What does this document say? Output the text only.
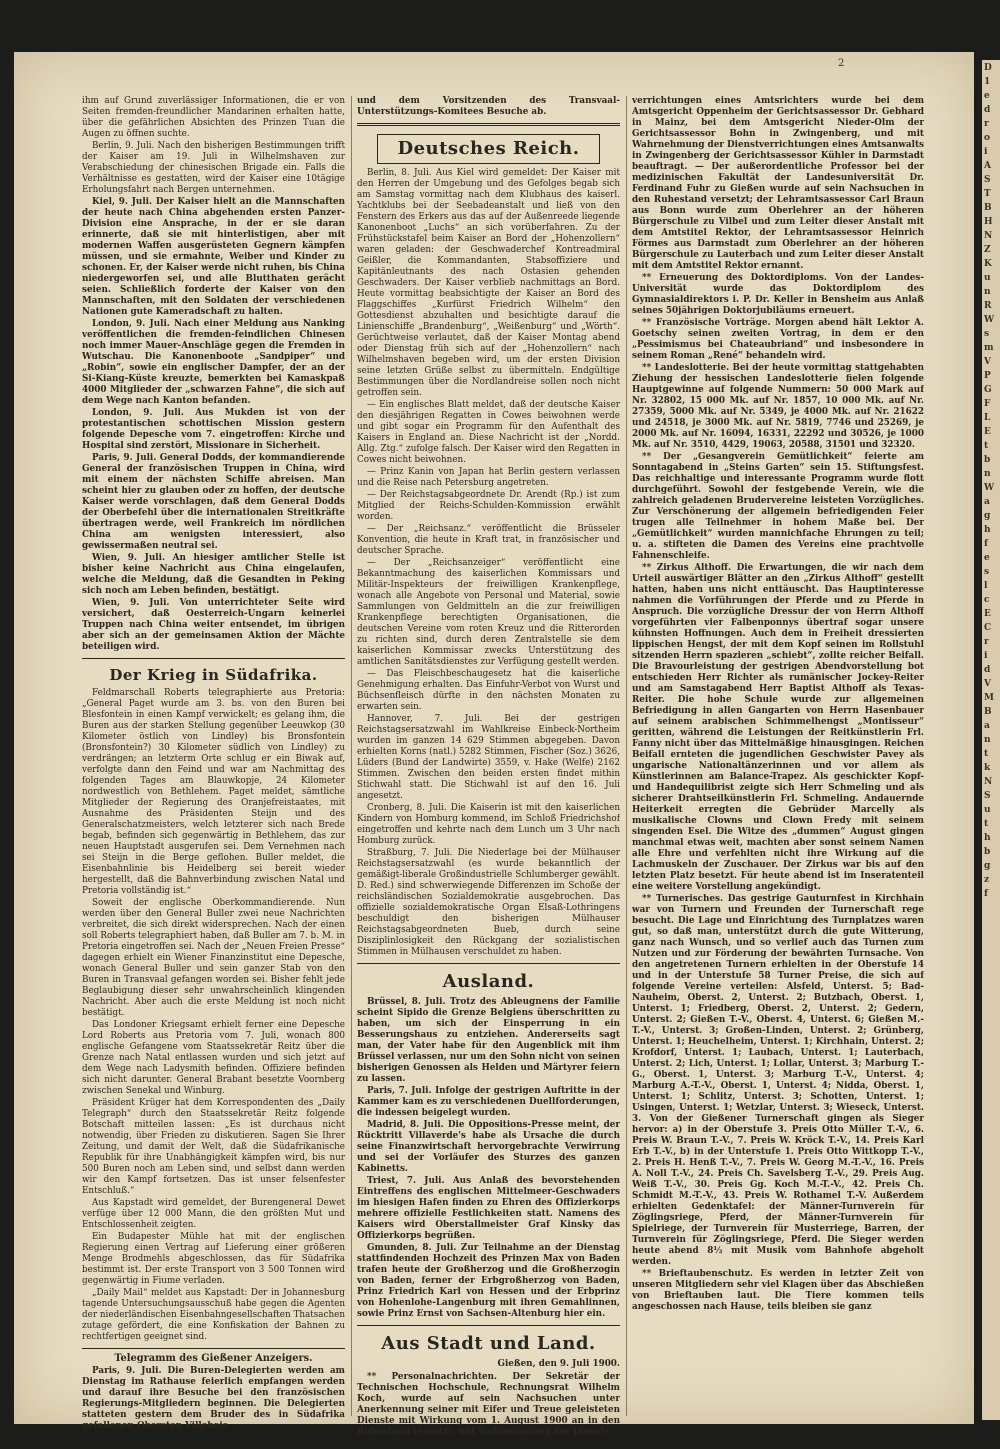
2	D
1
e
d
r
o
i
A
S
T
B
H
N
Z
K
u
n
R
W
s
m
V
P
G
F
L
E
t
b
n
W
a
g
h
f
e
s
l
c
E
C
r
i
d
V
M
B
a
n
t
k
N
S
u
t
h
b
g
z
f

ihm auf Grund zuverlässiger Informationen, die er von Seiten fremden-freundlicher Mandarinen erhalten hatte, über die gefährlichen Absichten des Prinzen Tuan die Augen zu öffnen suchte.

Berlin, 9. Juli. Nach den bisherigen Bestimmungen trifft der Kaiser am 19. Juli in Wilhelmshaven zur Verabschiedung der chinesischen Brigade ein. Falls die Verhältnisse es gestatten, wird der Kaiser eine 10tägige Erholungsfahrt nach Bergen unternehmen.

Kiel, 9. Juli. Der Kaiser hielt an die Mannschaften der heute nach China abgehenden ersten Panzer-Division eine Ansprache, in der er sie daran erinnerte, daß sie mit hinterlistigen, aber mit modernen Waffen ausgerüsteten Gegnern kämpfen müssen, und sie ermahnte, Weiber und Kinder zu schonen. Er, der Kaiser werde nicht ruhen, bis China niedergeworfen sei, und alle Blutthaten gerächt seien. Schließlich forderte der Kaiser von den Mannschaften, mit den Soldaten der verschiedenen Nationen gute Kameradschaft zu halten.

London, 9. Juli. Nach einer Meldung aus Nanking veröffentlichen die fremden-feindlichen Chinesen noch immer Mauer-Anschläge gegen die Fremden in Wutschau. Die Kanonenboote „Sandpiper“ und „Robin“, sowie ein englischer Dampfer, der an der Si-Kiang-Küste kreuzte, bemerkten bei Kamaskpaß 4000 Mitglieder der „schwarzen Fahne“, die sich auf dem Wege nach Kanton befanden.

London, 9. Juli. Aus Mukden ist von der protestantischen schottischen Mission gestern folgende Depesche vom 7. eingetroffen: Kirche und Hospital sind zerstört, Missionare in Sicherheit.

Paris, 9. Juli. General Dodds, der kommandierende General der französischen Truppen in China, wird mit einem der nächsten Schiffe abreisen. Man scheint hier zu glauben oder zu hoffen, der deutsche Kaiser werde vorschlagen, daß dem General Dodds der Oberbefehl über die internationalen Streitkräfte übertragen werde, weil Frankreich im nördlichen China am wenigsten interessiert, also gewissermaßen neutral sei.

Wien, 9. Juli. An hiesiger amtlicher Stelle ist bisher keine Nachricht aus China eingelaufen, welche die Meldung, daß die Gesandten in Peking sich noch am Leben befinden, bestätigt.

Wien, 9. Juli. Von unterrichteter Seite wird versichert, daß Oesterreich-Ungarn keinerlei Truppen nach China weiter entsendet, im übrigen aber sich an der gemeinsamen Aktion der Mächte beteiligen wird.

Der Krieg in Südafrika.

Feldmarschall Roberts telegraphierte aus Pretoria: „General Paget wurde am 3. bs. von den Buren bei Blesfontein in einen Kampf verwickelt; es gelang ihm, die Buren aus der starken Stellung gegenüber Leeuwkop (30 Kilometer östlich von Lindley) bis Bronsfontein (Bronsfontein?) 30 Kilometer südlich von Lindley) zu verdrängen; an letzterm Orte schlug er ein Biwak auf, verfolgte dann den Feind und war am Nachmittag des folgenden Tages am Blauwkopje, 24 Kilometer nordwestlich von Bethlehem. Paget meldet, sämtliche Mitglieder der Regierung des Oranjefreistaates, mit Ausnahme des Präsidenten Steijn und des Generalschatzmeisters, welch letzterer sich nach Brede begab, befinden sich gegenwärtig in Bethlehem, das zur neuen Hauptstadt ausgerufen sei. Dem Vernehmen nach sei Steijn in die Berge geflohen. Buller meldet, die Eisenbahnlinie bis Heidelberg sei bereit wieder hergestellt, daß die Bahnverbindung zwischen Natal und Pretoria vollständig ist.“

Soweit der englische Oberkommandierende. Nun werden über den General Buller zwei neue Nachrichten verbreitet, die sich direkt widersprechen. Nach der einen soll Roberts telegraphiert haben, daß Buller am 7. b. M. in Pretoria eingetroffen sei. Nach der „Neuen Freien Presse“ dagegen erhielt ein Wiener Finanzinstitut eine Depesche, wonach General Buller und sein ganzer Stab von den Buren in Transvaal gefangen worden sei. Bisher fehlt jede Beglaubigung dieser sehr unwahrscheinlich klingenden Nachricht. Aber auch die erste Meldung ist noch nicht bestätigt.

Das Londoner Kriegsamt erhielt ferner eine Depesche Lord Roberts aus Pretoria vom 7. Juli, wonach 800 englische Gefangene vom Staatssekretär Reitz über die Grenze nach Natal entlassen wurden und sich jetzt auf dem Wege nach Ladysmith befinden. Offiziere befinden sich nicht darunter. General Brabant besetzte Voornberg zwischen Senekal und Winburg.

Präsident Krüger hat dem Korrespondenten des „Daily Telegraph“ durch den Staatssekretär Reitz folgende Botschaft mitteilen lassen: „Es ist durchaus nicht notwendig, über Frieden zu diskutieren. Sagen Sie Ihrer Zeitung, und damit der Welt, daß die Südafrikanische Republik für ihre Unabhängigkeit kämpfen wird, bis nur 500 Buren noch am Leben sind, und selbst dann werden wir den Kampf fortsetzen. Das ist unser felsenfester Entschluß.“

Aus Kapstadt wird gemeldet, der Burengeneral Dewet verfüge über 12 000 Mann, die den größten Mut und Entschlossenheit zeigten.

Ein Budapester Mühle hat mit der englischen Regierung einen Vertrag auf Lieferung einer größeren Menge Brodmehls abgeschlossen, das für Südafrika bestimmt ist. Der erste Transport von 3 500 Tonnen wird gegenwärtig in Fiume verladen.

„Daily Mail“ meldet aus Kapstadt: Der in Johannesburg tagende Untersuchungsausschuß habe gegen die Agenten der niederländischen Eisenbahngesellschaften Thatsachen zutage gefördert, die eine Konfiskation der Bahnen zu rechtfertigen geeignet sind.

Telegramm des Gießener Anzeigers.

Paris, 9. Juli. Die Buren-Delegierten werden am Dienstag im Rathause feierlich empfangen werden und darauf ihre Besuche bei den französischen Regierungs-Mitgliedern beginnen. Die Delegierten statteten gestern dem Bruder des in Südafrika gefallenen Obersten Villebois

und dem Vorsitzenden des Transvaal-Unterstützungs-Komitees Besuche ab.

Deutsches Reich.

Berlin, 8. Juli. Aus Kiel wird gemeldet: Der Kaiser mit den Herren der Umgebung und des Gefolges begab sich am Samstag vormittag nach dem Klubhaus des kaiserl. Yachtklubs bei der Seebadeanstalt und ließ von den Fenstern des Erkers aus das auf der Außenreede liegende Kanonenboot „Luchs“ an sich vorüberfahren. Zu der Frühstückstafel beim Kaiser an Bord der „Hohenzollern“ waren geladen: der Geschwaderchef Kontreadmiral Geißler, die Kommandanten, Stabsoffiziere und Kapitänleutnants des nach Ostasien gehenden Geschwaders. Der Kaiser verblieb nachmittags an Bord. Heute vormittag beabsichtigte der Kaiser an Bord des Flaggschiffes „Kurfürst Friedrich Wilhelm“ den Gottesdienst abzuhalten und besichtigte darauf die Linienschiffe „Brandenburg“, „Weißenburg“ und „Wörth“. Gerüchtweise verlautet, daß der Kaiser Montag abend oder Dienstag früh sich auf der „Hohenzollern“ nach Wilhelmshaven begeben wird, um der ersten Division seine letzten Grüße selbst zu übermitteln. Endgültige Bestimmungen über die Nordlandreise sollen noch nicht getroffen sein.

— Ein englisches Blatt meldet, daß der deutsche Kaiser den diesjährigen Regatten in Cowes beiwohnen werde und gibt sogar ein Programm für den Aufenthalt des Kaisers in England an. Diese Nachricht ist der „Nordd. Allg. Ztg.“ zufolge falsch. Der Kaiser wird den Regatten in Cowes nicht beiwohnen.

— Prinz Kanin von Japan hat Berlin gestern verlassen und die Reise nach Petersburg angetreten.

— Der Reichstagsabgeordnete Dr. Arendt (Rp.) ist zum Mitglied der Reichs-Schulden-Kommission erwählt worden.

— Der „Reichsanz.“ veröffentlicht die Brüsseler Konvention, die heute in Kraft trat, in französischer und deutscher Sprache.

— Der „Reichsanzeiger“ veröffentlicht eine Bekanntmachung des kaiserlichen Kommissars und Militär-Inspekteurs der freiwilligen Krankenpflege, wonach alle Angebote von Personal und Material, sowie Sammlungen von Geldmitteln an die zur freiwilligen Krankenpflege berechtigten Organisationen, die deutschen Vereine vom roten Kreuz und die Ritterorden zu richten sind, durch deren Zentralstelle sie dem kaiserlichen Kommissar zwecks Unterstützung des amtlichen Sanitätsdienstes zur Verfügung gestellt werden.

— Das Fleischbeschaugesetz hat die kaiserliche Genehmigung erhalten. Das Einfuhr-Verbot von Wurst und Büchsenfleisch dürfte in den nächsten Monaten zu erwarten sein.

Hannover, 7. Juli. Bei der gestrigen Reichstagsersatzwahl im Wahlkreise Einbeck-Northeim wurden im ganzen 14 629 Stimmen abgegeben. Davon erhielten Korns (natl.) 5282 Stimmen, Fischer (Soz.) 3626, Lüders (Bund der Landwirte) 3559, v. Hake (Welfe) 2162 Stimmen. Zwischen den beiden ersten findet mithin Stichwahl statt. Die Stichwahl ist auf den 16. Juli angesetzt.

Cronberg, 8. Juli. Die Kaiserin ist mit den kaiserlichen Kindern von Homburg kommend, im Schloß Friedrichshof eingetroffen und kehrte nach dem Lunch um 3 Uhr nach Homburg zurück.

Straßburg, 7. Juli. Die Niederlage bei der Mülhauser Reichstagsersatzwahl (es wurde bekanntlich der gemäßigt-liberale Großindustrielle Schlumberger gewählt. D. Red.) sind schwerwiegende Differenzen im Schoße der reichsländischen Sozialdemokratie ausgebrochen. Das offizielle sozialdemokratische Organ Elsaß-Lothringens beschuldigt den bisherigen Mülhauser Reichstagsabgeordneten Bueb, durch seine Disziplinlosigkeit den Rückgang der sozialistischen Stimmen in Mülhausen verschuldet zu haben.

Ausland.

Brüssel, 8. Juli. Trotz des Ableugnens der Familie scheint Sipido die Grenze Belgiens überschritten zu haben, um sich der Einsperrung in ein Besserungshaus zu entziehen. Andererseits sagt man, der Vater habe für den Augenblick mit ihm Brüssel verlassen, nur um den Sohn nicht von seinen bisherigen Genossen als Helden und Märtyrer feiern zu lassen.

Paris, 7. Juli. Infolge der gestrigen Auftritte in der Kammer kam es zu verschiedenen Duellforderungen, die indessen beigelegt wurden.

Madrid, 8. Juli. Die Oppositions-Presse meint, der Rücktritt Villaverde's habe als Ursache die durch seine Finanzwirtschaft hervorgebrachte Verwirrung und sei der Vorläufer des Sturzes des ganzen Kabinetts.

Triest, 7. Juli. Aus Anlaß des bevorstehenden Eintreffens des englischen Mittelmeer-Geschwaders im hiesigen Hafen finden zu Ehren des Offizierkorps mehrere offizielle Festlichkeiten statt. Namens des Kaisers wird Oberstallmeister Graf Kinsky das Offizierkorps begrüßen.

Gmunden, 8. Juli. Zur Teilnahme an der Dienstag stattfindenden Hochzeit des Prinzen Max von Baden trafen heute der Großherzog und die Großherzogin von Baden, ferner der Erbgroßherzog von Baden, Prinz Friedrich Karl von Hessen und der Erbprinz von Hohenlohe-Langenburg mit ihren Gemahlinnen, sowie Prinz Ernst von Sachsen-Altenburg hier ein.

Aus Stadt und Land.
Gießen, den 9. Juli 1900.

** Personalnachrichten. Der Sekretär der Technischen Hochschule, Rechnungsrat Wilhelm Koch, wurde auf sein Nachsuchen unter Anerkennung seiner mit Eifer und Treue geleisteten Dienste mit Wirkung vom 1. August 1900 an in den Ruhestand versetzt; mit Wahrnehmung der Dienst-

verrichtungen eines Amtsrichters wurde bei dem Amtsgericht Oppenheim der Gerichtsassessor Dr. Gebhard in Mainz, bei dem Amtsgericht Nieder-Olm der Gerichtsassessor Bohn in Zwingenberg, und mit Wahrnehmung der Dienstverrichtungen eines Amtsanwalts in Zwingenberg der Gerichtsassessor Kühler in Darmstadt beauftragt. — Der außerordentliche Professor bei der medizinischen Fakultät der Landesuniversität Dr. Ferdinand Fuhr zu Gießen wurde auf sein Nachsuchen in den Ruhestand versetzt; der Lehramtsassessor Carl Braun aus Bonn wurde zum Oberlehrer an der höheren Bürgerschule zu Vilbel und zum Leiter dieser Anstalt mit dem Amtstitel Rektor, der Lehramtsassessor Heinrich Förmes aus Darmstadt zum Oberlehrer an der höheren Bürgerschule zu Lauterbach und zum Leiter dieser Anstalt mit dem Amtstitel Rektor ernannt.

** Erneuerung des Doktordiploms. Von der Landes-Universität wurde das Doktordiplom des Gymnasialdirektors i. P. Dr. Keller in Bensheim aus Anlaß seines 50jährigen Doktorjubiläums erneuert.

** Französische Vorträge. Morgen abend hält Lektor A. Goetschy seinen zweiten Vortrag, in dem er den „Pessimismus bei Chateaubriand“ und insbesondere in seinem Roman „René“ behandeln wird.

** Landeslotterie. Bei der heute vormittag stattgehabten Ziehung der hessischen Landeslotterie fielen folgende Hauptgewinne auf folgende Nummern: 50 000 Mark auf Nr. 32802, 15 000 Mk. auf Nr. 1857, 10 000 Mk. auf Nr. 27359, 5000 Mk. auf Nr. 5349, je 4000 Mk. auf Nr. 21622 und 24518, je 3000 Mk. auf Nr. 5819, 7746 und 25269, je 2000 Mk. auf Nr. 16094, 16331, 22292 und 30526, je 1000 Mk. auf Nr. 3510, 4429, 19063, 20588, 31501 und 32320.

** Der „Gesangverein Gemütlichkeit“ feierte am Sonntagabend in „Steins Garten“ sein 15. Stiftungsfest. Das reichhaltige und interessante Programm wurde flott durchgeführt. Sowohl der festgebende Verein, wie die zahlreich geladenen Brudervereine leisteten Vorzügliches. Zur Verschönerung der allgemein befriedigenden Feier trugen alle Teilnehmer in hohem Maße bei. Der „Gemütlichkeit“ wurden mannichfache Ehrungen zu teil; u. a. stifteten die Damen des Vereins eine prachtvolle Fahnenschleife.

** Zirkus Althoff. Die Erwartungen, die wir nach dem Urteil auswärtiger Blätter an den „Zirkus Althoff“ gestellt hatten, haben uns nicht enttäuscht. Das Hauptinteresse nahmen die Vorführungen der Pferde und zu Pferde in Anspruch. Die vorzügliche Dressur der von Herrn Althoff vorgeführten vier Falbenponnys übertraf sogar unsere kühnsten Hoffnungen. Auch dem in Freiheit dressierten lippischen Hengst, der mit dem Kopf seinen im Rollstuhl sitzenden Herrn spazieren „schiebt“, zollte reicher Beifall. Die Bravourleistung der gestrigen Abendvorstellung bot entschieden Herr Richter als rumänischer Jockey-Reiter und am Samstagabend Herr Baptist Althoff als Texas-Reiter. Die hohe Schule wurde zur allgemeinen Befriedigung in allen Gangarten von Herrn Hasenbauer auf seinem arabischen Schimmelhengst „Montisseur“ geritten, während die Leistungen der Reitkünstlerin Frl. Fanny nicht über das Mittelmäßige hinausgingen. Reichen Beifall ernteten die jugendlichen Geschwister Pavey als ungarische Nationaltänzerinnen und vor allem als Künstlerinnen am Balance-Trapez. Als geschickter Kopf- und Handequilibrist zeigte sich Herr Schmeling und als sicherer Drahtseilkünstlerin Frl. Schmeling. Andauernde Heiterkeit erregten die Gebrüder Marcelly als musikalische Clowns und Clown Fredy mit seinem singenden Esel. Die Witze des „dummen“ August gingen manchmal etwas weit, machten aber sonst seinem Namen alle Ehre und verfehlten nicht ihre Wirkung auf die Lachmuskeln der Zuschauer. Der Zirkus war bis auf den letzten Platz besetzt. Für heute abend ist im Inseratenteil eine weitere Vorstellung angekündigt.

** Turnerisches. Das gestrige Gauturnfest in Kirchhain war von Turnern und Freunden der Turnerschaft rege besucht. Die Lage und Einrichtung des Turnplatzes waren gut, so daß man, unterstützt durch die gute Witterung, ganz nach Wunsch, und so verlief auch das Turnen zum Nutzen und zur Förderung der bewährten Turnsache. Von den angetretenen Turnern erhielten in der Oberstufe 14 und in der Unterstufe 58 Turner Preise, die sich auf folgende Vereine verteilen: Alsfeld, Unterst. 5; Bad-Nauheim, Oberst. 2, Unterst. 2; Butzbach, Oberst. 1, Unterst. 1; Friedberg, Oberst. 2, Unterst. 2; Gedern, Unterst. 2; Gießen T.-V., Oberst. 4, Unterst. 6; Gießen M.-T.-V., Unterst. 3; Großen-Linden, Unterst. 2; Grünberg, Unterst. 1; Heuchelheim, Unterst. 1; Kirchhain, Unterst. 2; Krofdorf, Unterst. 1; Laubach, Unterst. 1; Lauterbach, Unterst. 2; Lich, Unterst. 1; Lollar, Unterst. 3; Marburg T.-G., Oberst. 1, Unterst. 3; Marburg T.-V., Unterst. 4; Marburg A.-T.-V., Oberst. 1, Unterst. 4; Nidda, Oberst. 1, Unterst. 1; Schlitz, Unterst. 3; Schotten, Unterst. 1; Usingen, Unterst. 1; Wetzlar, Unterst. 3; Wieseck, Unterst. 3. Von der Gießener Turnerschaft gingen als Sieger hervor: a) in der Oberstufe 3. Preis Otto Müller T.-V., 6. Preis W. Braun T.-V., 7. Preis W. Kröck T.-V., 14. Preis Karl Erb T.-V., b) in der Unterstufe 1. Preis Otto Wittkopp T.-V., 2. Preis H. Henß T.-V., 7. Preis W. Georg M.-T.-V., 16. Preis A. Noll T.-V., 24. Preis Ch. Savelsberg T.-V., 29. Preis Aug. Weiß T.-V., 30. Preis Gg. Koch M.-T.-V., 42. Preis Ch. Schmidt M.-T.-V., 43. Preis W. Rothamel T.-V. Außerdem erhielten Gedenktafel: der Männer-Turnverein für Zöglingsriege, Pferd, der Männer-Turnverein für Spielriege, der Turnverein für Musterriege, Barren, der Turnverein für Zöglingsriege, Pferd. Die Sieger werden heute abend 8½ mit Musik vom Bahnhofe abgeholt werden.

** Brieftaubenschutz. Es werden in letzter Zeit von unseren Mitgliedern sehr viel Klagen über das Abschießen von Brieftauben laut. Die Tiere kommen teils angeschossen nach Hause, teils bleiben sie ganz
